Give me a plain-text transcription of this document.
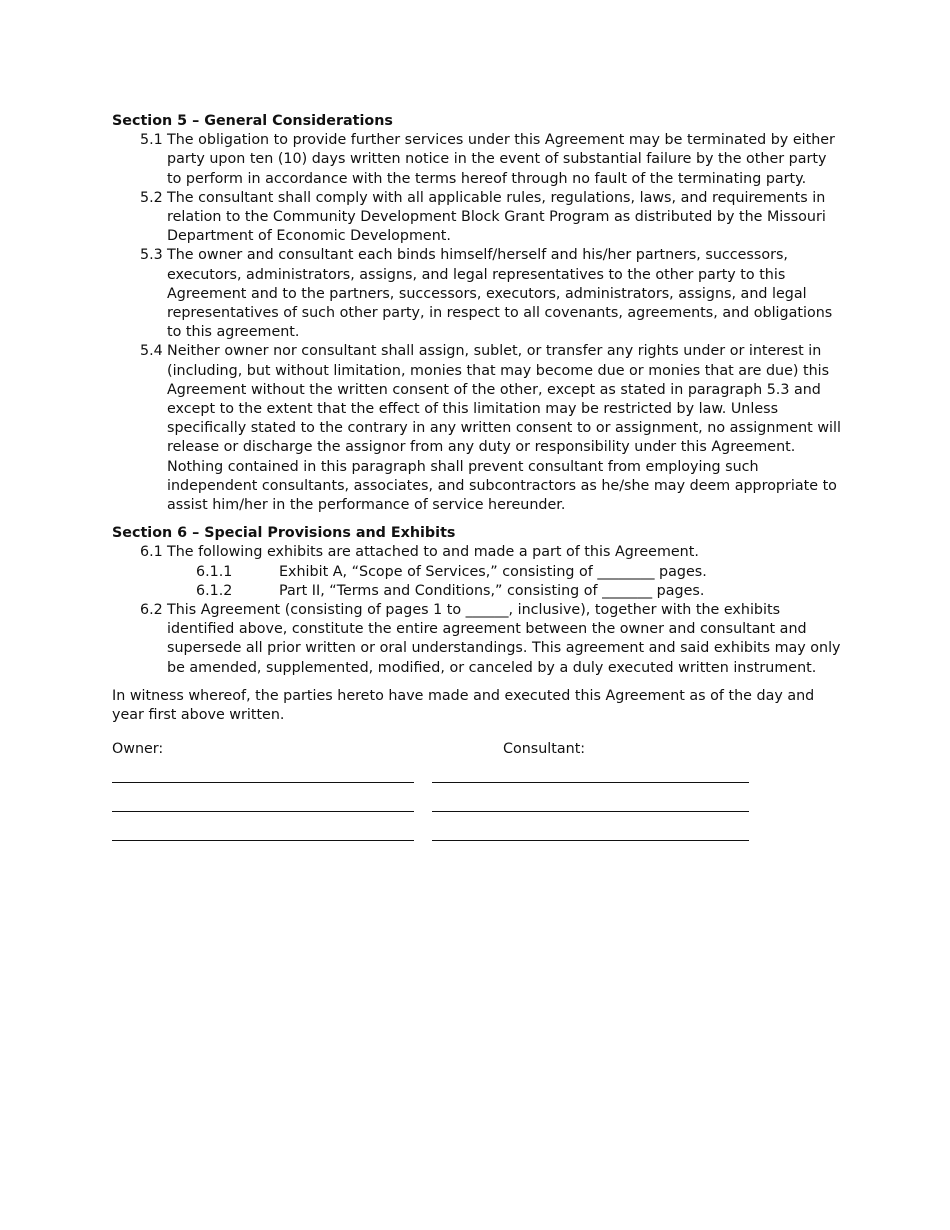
Section 5 – General Considerations

5.1 The obligation to provide further services under this Agreement may be terminated by either party upon ten (10) days written notice in the event of substantial failure by the other party to perform in accordance with the terms hereof through no fault of the terminating party.
5.2 The consultant shall comply with all applicable rules, regulations, laws, and requirements in relation to the Community Development Block Grant Program as distributed by the Missouri Department of Economic Development.
5.3 The owner and consultant each binds himself/herself and his/her partners, successors, executors, administrators, assigns, and legal representatives to the other party to this Agreement and to the partners, successors, executors, administrators, assigns, and legal representatives of such other party, in respect to all covenants, agreements, and obligations to this agreement.
5.4 Neither owner nor consultant shall assign, sublet, or transfer any rights under or interest in (including, but without limitation, monies that may become due or monies that are due) this Agreement without the written consent of the other, except as stated in paragraph 5.3 and except to the extent that the effect of this limitation may be restricted by law. Unless specifically stated to the contrary in any written consent to or assignment, no assignment will release or discharge the assignor from any duty or responsibility under this Agreement. Nothing contained in this paragraph shall prevent consultant from employing such independent consultants, associates, and subcontractors as he/she may deem appropriate to assist him/her in the performance of service hereunder.

Section 6 – Special Provisions and Exhibits

6.1 The following exhibits are attached to and made a part of this Agreement.
6.1.1	Exhibit A, “Scope of Services,” consisting of ________ pages.
6.1.2	Part II, “Terms and Conditions,” consisting of _______ pages.
6.2 This Agreement (consisting of pages 1 to ______, inclusive), together with the exhibits identified above, constitute the entire agreement between the owner and consultant and supersede all prior written or oral understandings. This agreement and said exhibits may only be amended, supplemented, modified, or canceled by a duly executed written instrument.

In witness whereof, the parties hereto have made and executed this Agreement as of the day and year first above written.

Owner:	Consultant:
